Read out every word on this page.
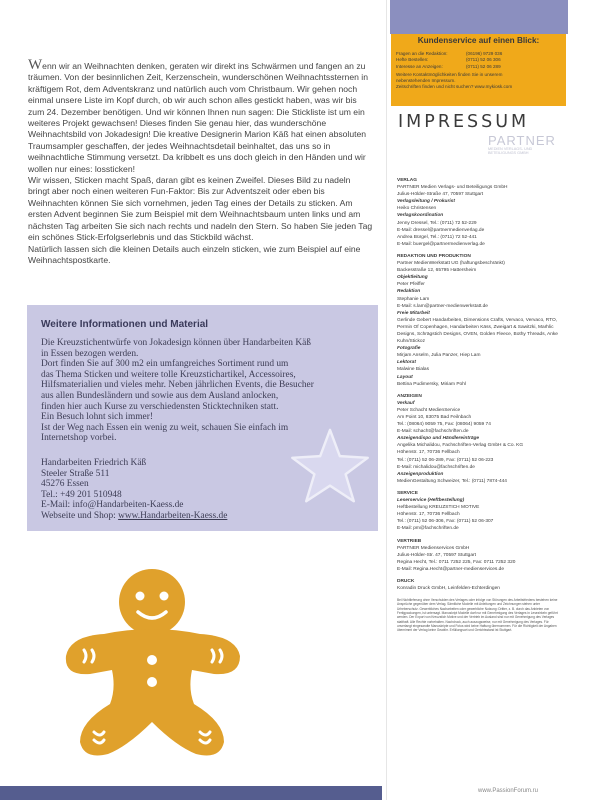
Wenn wir an Weihnachten denken, geraten wir direkt ins Schwärmen und fangen an zu träumen. Von der besinnlichen Zeit, Kerzenschein, wunderschönen Weihnachtssternen in kräftigem Rot, dem Adventskranz und natürlich auch vom Christbaum. Wir gehen noch einmal unsere Liste im Kopf durch, ob wir auch schon alles gestickt haben, was wir bis zum 24. Dezember benötigen. Und wir können Ihnen nun sagen: Die Stickliste ist um ein weiteres Projekt gewachsen! Dieses finden Sie genau hier, das wunderschöne Weihnachtsbild von Jokadesign! Die kreative Designerin Marion Käß hat einen absoluten Traumsampler geschaffen, der jedes Weihnachtsdetail beinhaltet, das uns so in weihnachtliche Stimmung versetzt. Da kribbelt es uns doch gleich in den Händen und wir wollen nur eines: lossticken!

Wir wissen, Sticken macht Spaß, daran gibt es keinen Zweifel. Dieses Bild zu nadeln bringt aber noch einen weiteren Fun-Faktor: Bis zur Adventszeit oder eben bis Weihnachten können Sie sich vornehmen, jeden Tag eines der Details zu sticken. Am ersten Advent beginnen Sie zum Beispiel mit dem Weihnachtsbaum unten links und am nächsten Tag arbeiten Sie sich nach rechts und nadeln den Stern. So haben Sie jeden Tag ein schönes Stick-Erfolgserlebnis und das Stickbild wächst.

Natürlich lassen sich die kleinen Details auch einzeln sticken, wie zum Beispiel auf eine Weihnachtspostkarte.

Weitere Informationen und Material
Die Kreuzstichentwürfe von Jokadesign können über Handarbeiten Käß
in Essen bezogen werden.
Dort finden Sie auf 300 m2 ein umfangreiches Sortiment rund um
das Thema Sticken und weitere tolle Kreuzstichartikel, Accessoires,
Hilfsmaterialien und vieles mehr. Neben jährlichen Events, die Besucher
aus allen Bundesländern und sowie aus dem Ausland anlocken,
finden hier auch Kurse zu verschiedensten Sticktechniken statt.
Ein Besuch lohnt sich immer!
Ist der Weg nach Essen ein wenig zu weit, schauen Sie einfach im
Internetshop vorbei.
Handarbeiten Friedrich Käß
Steeler Straße 511
45276 Essen
Tel.: +49 201 510948
E-Mail: info@Handarbeiten-Kaess.de
Webseite und Shop: www.Handarbeiten-Kaess.de
Kundenservice auf einen Blick:
Fragen an die Redaktion:	(06196) 9729 036
Hefte Bestellen:	(0711) 52 06 306
Interesse an Anzeigen:	(0711) 52 06 289
Weitere Kontaktmöglichkeiten finden Sie in unserem
nebenstehenden Impressum.
Zeitschriften finden und nicht suchen? www.mykiosk.com
IMPRESSUM
PARTNER
MEDIEN VERLAGS- UND BETEILIGUNGS GMBH
VERLAG
PARTNER Medien Verlags- und Beteiligungs GmbH
Julius-Hölder-Straße 47, 70597 Stuttgart
Verlagsleitung / Prokurist
Heiko Christensen
Verlagskoordination
Jenny Dressel, Tel.: (0711) 72 52-229
E-Mail: dressel@partnermedienverlag.de
Andrea Bürgel, Tel.: (0711) 72 52-441
E-Mail: buergel@partnermedienverlag.de
REDAKTION UND PRODUKTION
Partner MedienWerkstatt UG (haftungsbeschränkt)
Backesstraße 12, 65795 Hattersheim
Objektleitung
Peter Pfeiffer
Redaktion
Stephanie Lam
E-Mail: s.lam@partner-medienwerkstatt.de
Freie Mitarbeit
Gerlinde Gebert Handarbeiten, Dimensions Crafts, Vervaco, Vervaco, RTO, Permin Of Copenhagen, Handarbeiten Käss, Zweigart & Sawitzki, Marhlic Designs, Schrägstich Designs, OVEN, Golden Fleece, Bothy Threads, Anke Kuhn/Stickoz
Fotografie
Mirjam Anselm, Julia Panzer, Hiep Lam
Lektorat
Malwine Bialas
Layout
Bettina Pudimersky, Miriam Pohl
ANZEIGEN
Verkauf
Peter Schacht MedienService
Am Point 10, 83075 Bad Feilnbach
Tel.: (08064) 9059 75, Fax: (08064) 9059 74
E-Mail: schacht@fachschriften.de
Anzeigendispo und Händlereinträge
Angelika Michalidou, Fachschriften-Verlag GmbH & Co. KG
Höhenstr. 17, 70736 Fellbach
Tel.: (0711) 52 06-289, Fax: (0711) 52 06-223
E-Mail: michalidou@fachschriften.de
Anzeigenproduktion
MedienGestaltung Schweizer, Tel.: (0711) 7874-444
SERVICE
Leserservice (Heftbestellung)
Heftbestellung KREUZSTICH MOTIVE
Höhenstr. 17, 70736 Fellbach
Tel.: (0711) 52 06-306, Fax: (0711) 52 06-307
E-Mail: pm@fachschriften.de
VERTRIEB
PARTNER Medienservices GmbH
Julius-Hölder-Str. 47, 70597 Stuttgart
Regina Hecht, Tel.: 0711 7252 225, Fax: 0711 7252 320
E-Mail: Regina.Hecht@partner-medienservices.de
DRUCK
Konradin Druck GmbH, Leinfelden-Echterdingen
Bei Nichtlieferung ohne Verschulden des Verlages oder infolge von Störungen des Arbeitsfriedens bestehen keine Ansprüche gegenüber dem Verlag. Sämtliche Modelle mit Anleitungen und Zeichnungen stehen unter Urheberschutz. Gewerbliches Nacharbeiten oder gewerbliche Nutzung: Dritter, z. B. durch das Anbieten von Fertigpackungen, ist untersagt. Manuskript Modelle darf nur mit Genehmigung des Verlages in Lesezirkeln geführt werden. Der Export von Kreuzstich Motive und der Vertrieb im Ausland sind nur mit Genehmigung des Verlages statthaft. Alle Rechte vorbehalten. Nachdruck, auch auszugsweise, nur mit Genehmigung des Verlages. Für unverlangt eingesandte Manuskripte und Fotos wird keine Haftung übernommen. Für die Richtigkeit der Angaben übernimmt der Verlag keine Gewähr. Erfüllungsort und Gerichtsstand ist Stuttgart.
www.PassionForum.ru
